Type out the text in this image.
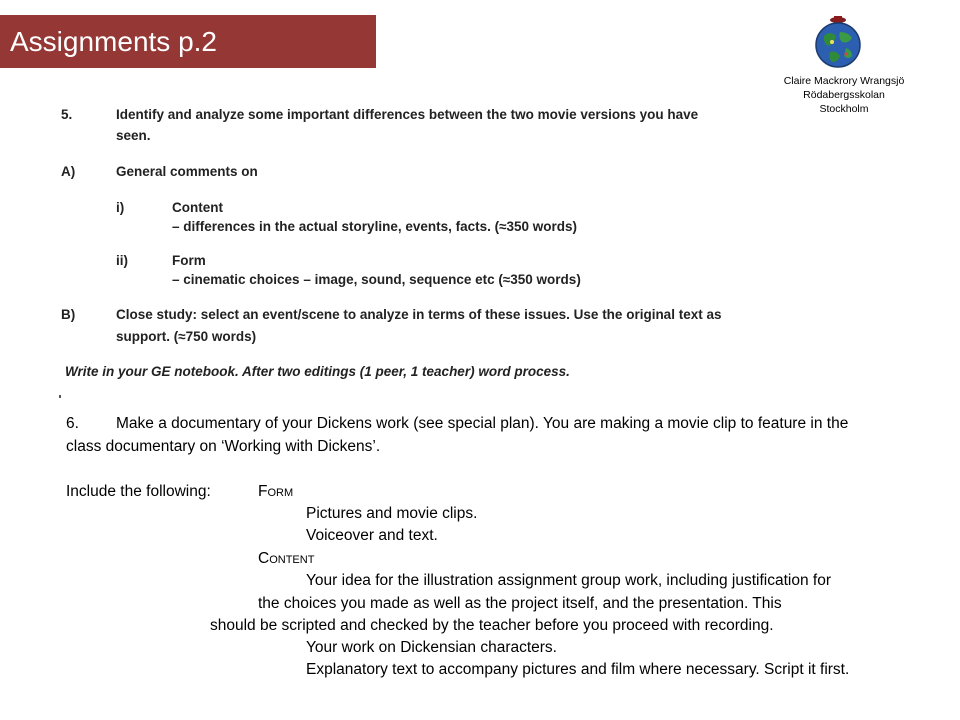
Assignments p.2
Claire Mackrory Wrangsjö
Rödabergsskolan
Stockholm
5.	Identify and analyze some important differences between the two movie versions you have
seen.
A)	General comments on
i)	Content
– differences in the actual storyline, events, facts. (≈350 words)
ii)	Form
– cinematic choices – image, sound, sequence etc (≈350 words)
B)	Close study: select an event/scene to analyze in terms of these issues. Use the original text as
support. (≈750 words)
Write in your GE notebook. After two editings (1 peer, 1 teacher) word process.
6. Make a documentary of your Dickens work (see special plan). You are making a movie clip to feature in the
class documentary on ‘Working with Dickens’.
Include the following:	Form
Pictures and movie clips.
Voiceover and text.
Content
Your idea for the illustration assignment group work, including justification for
the choices you made as well as the project itself, and the presentation. This
should be scripted and checked by the teacher before you proceed with recording.
Your work on Dickensian characters.
Explanatory text to accompany pictures and film where necessary. Script it first.
